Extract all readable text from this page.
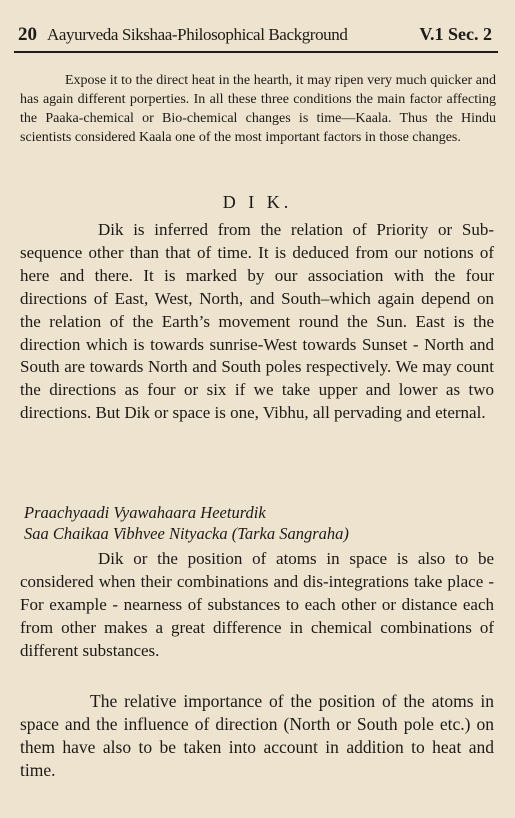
20 Aayurveda Sikshaa-Philosophical Background	V.1 Sec. 2

Expose it to the direct heat in the hearth, it may ripen very much quicker and has again different porperties. In all these three conditions the main factor affecting the Paaka-chemical or Bio-chemical changes is time—Kaala. Thus the Hindu scientists considered Kaala one of the most important factors in those changes.

D I K.

Dik is inferred from the relation of Priority or Sub-sequence other than that of time. It is deduced from our notions of here and there. It is marked by our association with the four directions of East, West, North, and South–which again depend on the relation of the Earth’s movement round the Sun. East is the direction which is towards sunrise-West towards Sunset - North and South are towards North and South poles respectively. We may count the directions as four or six if we take upper and lower as two directions. But Dik or space is one, Vibhu, all pervading and eternal.

Praachyaadi Vyawahaara Heeturdik
Saa Chaikaa Vibhvee Nityacka (Tarka Sangraha)

Dik or the position of atoms in space is also to be considered when their combinations and dis-integrations take place - For example - nearness of substances to each other or distance each from other makes a great difference in chemical combinations of different substances.

The relative importance of the position of the atoms in space and the influence of direction (North or South pole etc.) on them have also to be taken into account in addition to heat and time.
